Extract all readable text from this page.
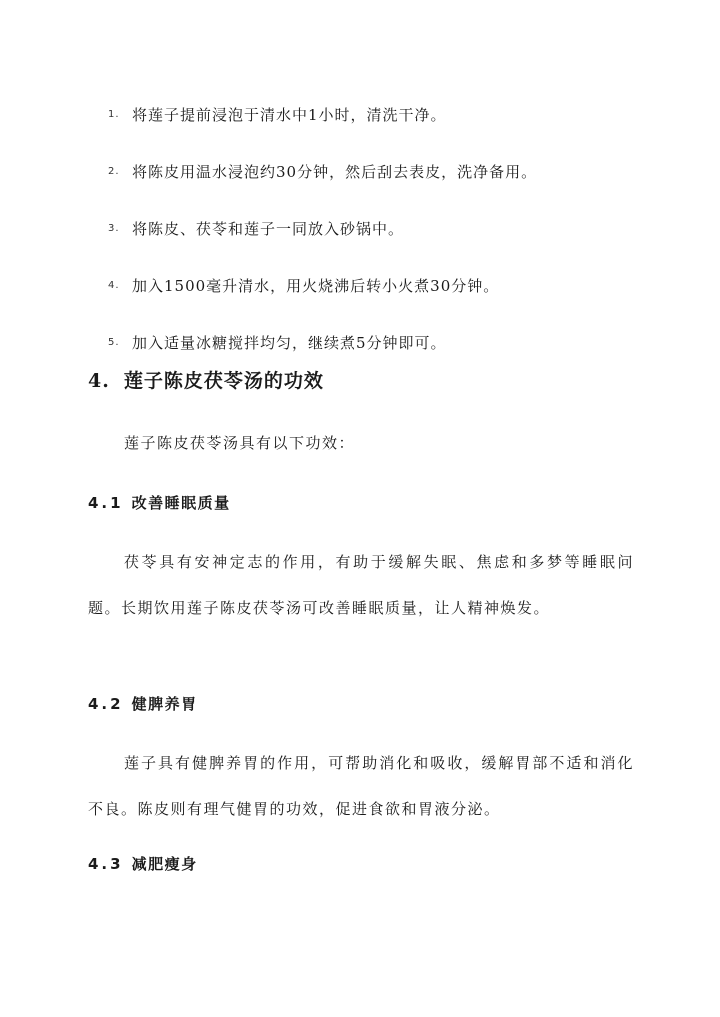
1. 将莲子提前浸泡于清水中1小时，清洗干净。
2. 将陈皮用温水浸泡约30分钟，然后刮去表皮，洗净备用。
3. 将陈皮、茯苓和莲子一同放入砂锅中。
4. 加入1500毫升清水，用火烧沸后转小火煮30分钟。
5. 加入适量冰糖搅拌均匀，继续煮5分钟即可。
4. 莲子陈皮茯苓汤的功效

莲子陈皮茯苓汤具有以下功效：

4.1 改善睡眠质量

茯苓具有安神定志的作用，有助于缓解失眠、焦虑和多梦等睡眠问题。长期饮用莲子陈皮茯苓汤可改善睡眠质量，让人精神焕发。

4.2 健脾养胃

莲子具有健脾养胃的作用，可帮助消化和吸收，缓解胃部不适和消化不良。陈皮则有理气健胃的功效，促进食欲和胃液分泌。

4.3 减肥瘦身
